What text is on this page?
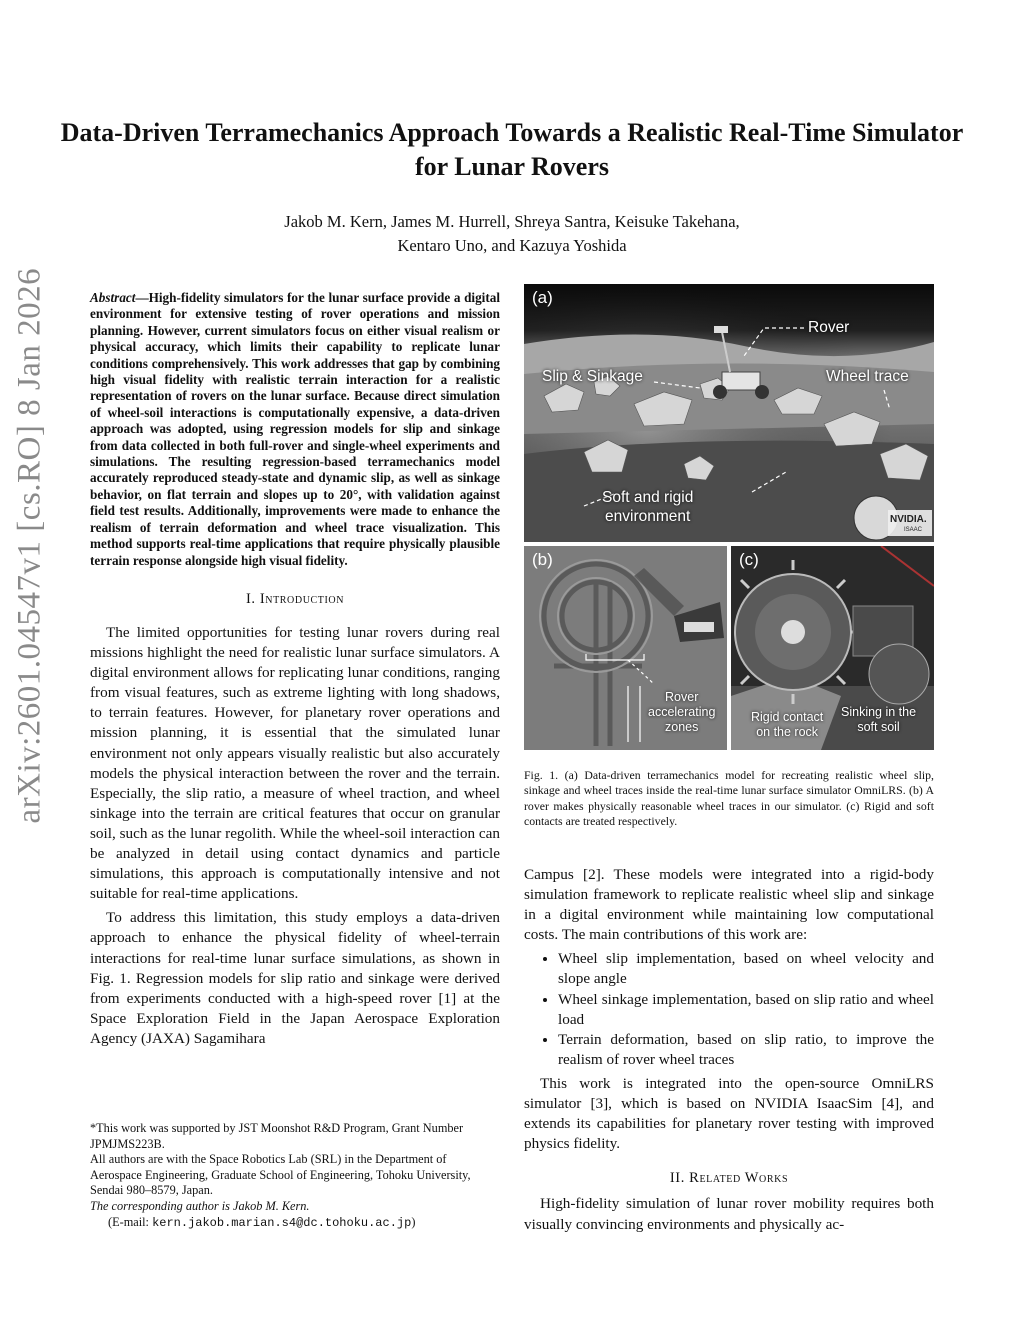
arXiv:2601.04547v1 [cs.RO] 8 Jan 2026
Data-Driven Terramechanics Approach Towards a Realistic Real-Time Simulator for Lunar Rovers
Jakob M. Kern, James M. Hurrell, Shreya Santra, Keisuke Takehana,
Kentaro Uno, and Kazuya Yoshida

Abstract—High-fidelity simulators for the lunar surface provide a digital environment for extensive testing of rover operations and mission planning. However, current simulators focus on either visual realism or physical accuracy, which limits their capability to replicate lunar conditions comprehensively. This work addresses that gap by combining high visual fidelity with realistic terrain interaction for a realistic representation of rovers on the lunar surface. Because direct simulation of wheel-soil interactions is computationally expensive, a data-driven approach was adopted, using regression models for slip and sinkage from data collected in both full-rover and single-wheel experiments and simulations. The resulting regression-based terramechanics model accurately reproduced steady-state and dynamic slip, as well as sinkage behavior, on flat terrain and slopes up to 20°, with validation against field test results. Additionally, improvements were made to enhance the realism of terrain deformation and wheel trace visualization. This method supports real-time applications that require physically plausible terrain response alongside high visual fidelity.

I. Introduction

The limited opportunities for testing lunar rovers during real missions highlight the need for realistic lunar surface simulators. A digital environment allows for replicating lunar conditions, ranging from visual features, such as extreme lighting with long shadows, to terrain features. However, for planetary rover operations and mission planning, it is essential that the simulated lunar environment not only appears visually realistic but also accurately models the physical interaction between the rover and the terrain. Especially, the slip ratio, a measure of wheel traction, and wheel sinkage into the terrain are critical features that occur on granular soil, such as the lunar regolith. While the wheel-soil interaction can be analyzed in detail using contact dynamics and particle simulations, this approach is computationally intensive and not suitable for real-time applications.

To address this limitation, this study employs a data-driven approach to enhance the physical fidelity of wheel-terrain interactions for real-time lunar surface simulations, as shown in Fig. 1. Regression models for slip ratio and sinkage were derived from experiments conducted with a high-speed rover [1] at the Space Exploration Field in the Japan Aerospace Exploration Agency (JAXA) Sagamihara

*This work was supported by JST Moonshot R&D Program, Grant Number JPMJMS223B.

All authors are with the Space Robotics Lab (SRL) in the Department of Aerospace Engineering, Graduate School of Engineering, Tohoku University, Sendai 980–8579, Japan.

The corresponding author is Jakob M. Kern.

(E-mail: kern.jakob.marian.s4@dc.tohoku.ac.jp)

(a)
Rover
Slip & Sinkage	Wheel trace
Soft and rigid
environment	NVIDIA.
ISAAC
(b)
Rover
accelerating
zones
(c)
Rigid contact
on the rock
Sinking in the
soft soil
Fig. 1. (a) Data-driven terramechanics model for recreating realistic wheel slip, sinkage and wheel traces inside the real-time lunar surface simulator OmniLRS. (b) A rover makes physically reasonable wheel traces in our simulator. (c) Rigid and soft contacts are treated respectively.

Campus [2]. These models were integrated into a rigid-body simulation framework to replicate realistic wheel slip and sinkage in a digital environment while maintaining low computational costs. The main contributions of this work are:

• Wheel slip implementation, based on wheel velocity and slope angle
• Wheel sinkage implementation, based on slip ratio and wheel load
• Terrain deformation, based on slip ratio, to improve the realism of rover wheel traces

This work is integrated into the open-source OmniLRS simulator [3], which is based on NVIDIA IsaacSim [4], and extends its capabilities for planetary rover testing with improved physics fidelity.

II. Related Works

High-fidelity simulation of lunar rover mobility requires both visually convincing environments and physically ac-
